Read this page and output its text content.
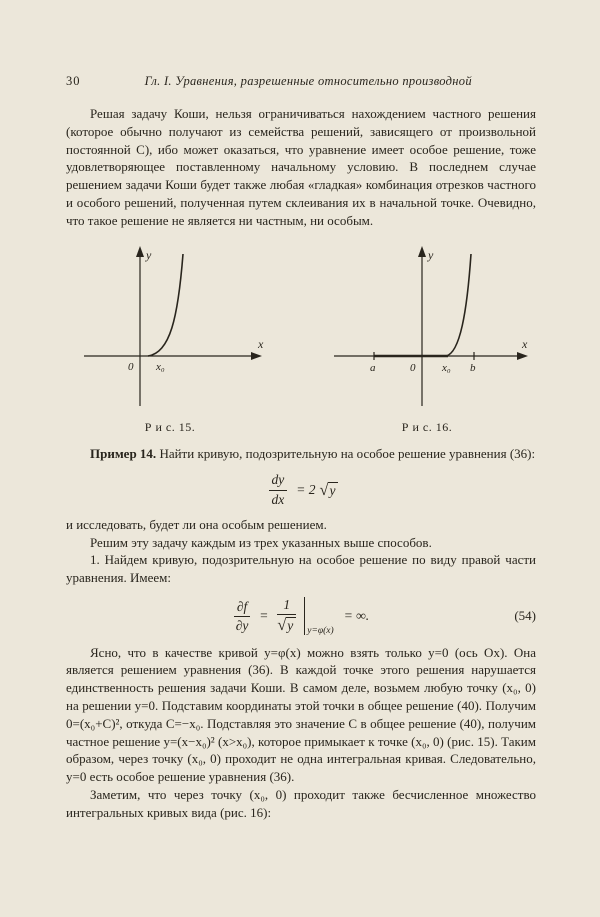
30	Гл. I. Уравнения, разрешенные относительно производной

Решая задачу Коши, нельзя ограничиваться нахождением частного решения (которое обычно получают из семейства решений, зависящего от произвольной постоянной C), ибо может оказаться, что уравнение имеет особое решение, тоже удовлетворяющее поставленному начальному условию. В последнем случае решением задачи Коши будет также любая «гладкая» комбинация отрезков частного и особого решений, полученная путем склеивания их в начальной точке. Очевидно, что такое решение не является ни частным, ни особым.

y
x
0 x₀
Р и с. 15.
y
x
a	0 x₀ b
Р и с. 16.

Пример 14. Найти кривую, подозрительную на особое решение уравнения (36):

$\frac{dy}{dx} = 2$ √y

и исследовать, будет ли она особым решением.

Решим эту задачу каждым из трех указанных выше способов.

1. Найдем кривую, подозрительную на особое решение по виду правой части уравнения. Имеем:

$\frac{\partial f}{\partial y} = \frac{1}{√y} y=\varphi(x)$
= ∞.	(54)

Ясно, что в качестве кривой y=φ(x) можно взять только y=0 (ось Ox). Она является решением уравнения (36). В каждой точке этого решения нарушается единственность решения задачи Коши. В самом деле, возьмем любую точку (x₀, 0) на решении y=0. Подставим координаты этой точки в общее решение (40). Получим 0=(x₀+C)², откуда C=−x₀. Подставляя это значение C в общее решение (40), получим частное решение y=(x−x₀)² (x>x₀), которое примыкает к точке (x₀, 0) (рис. 15). Таким образом, через точку (x₀, 0) проходит не одна интегральная кривая. Следовательно, y=0 есть особое решение уравнения (36).

Заметим, что через точку (x₀, 0) проходит также бесчисленное множество интегральных кривых вида (рис. 16):
